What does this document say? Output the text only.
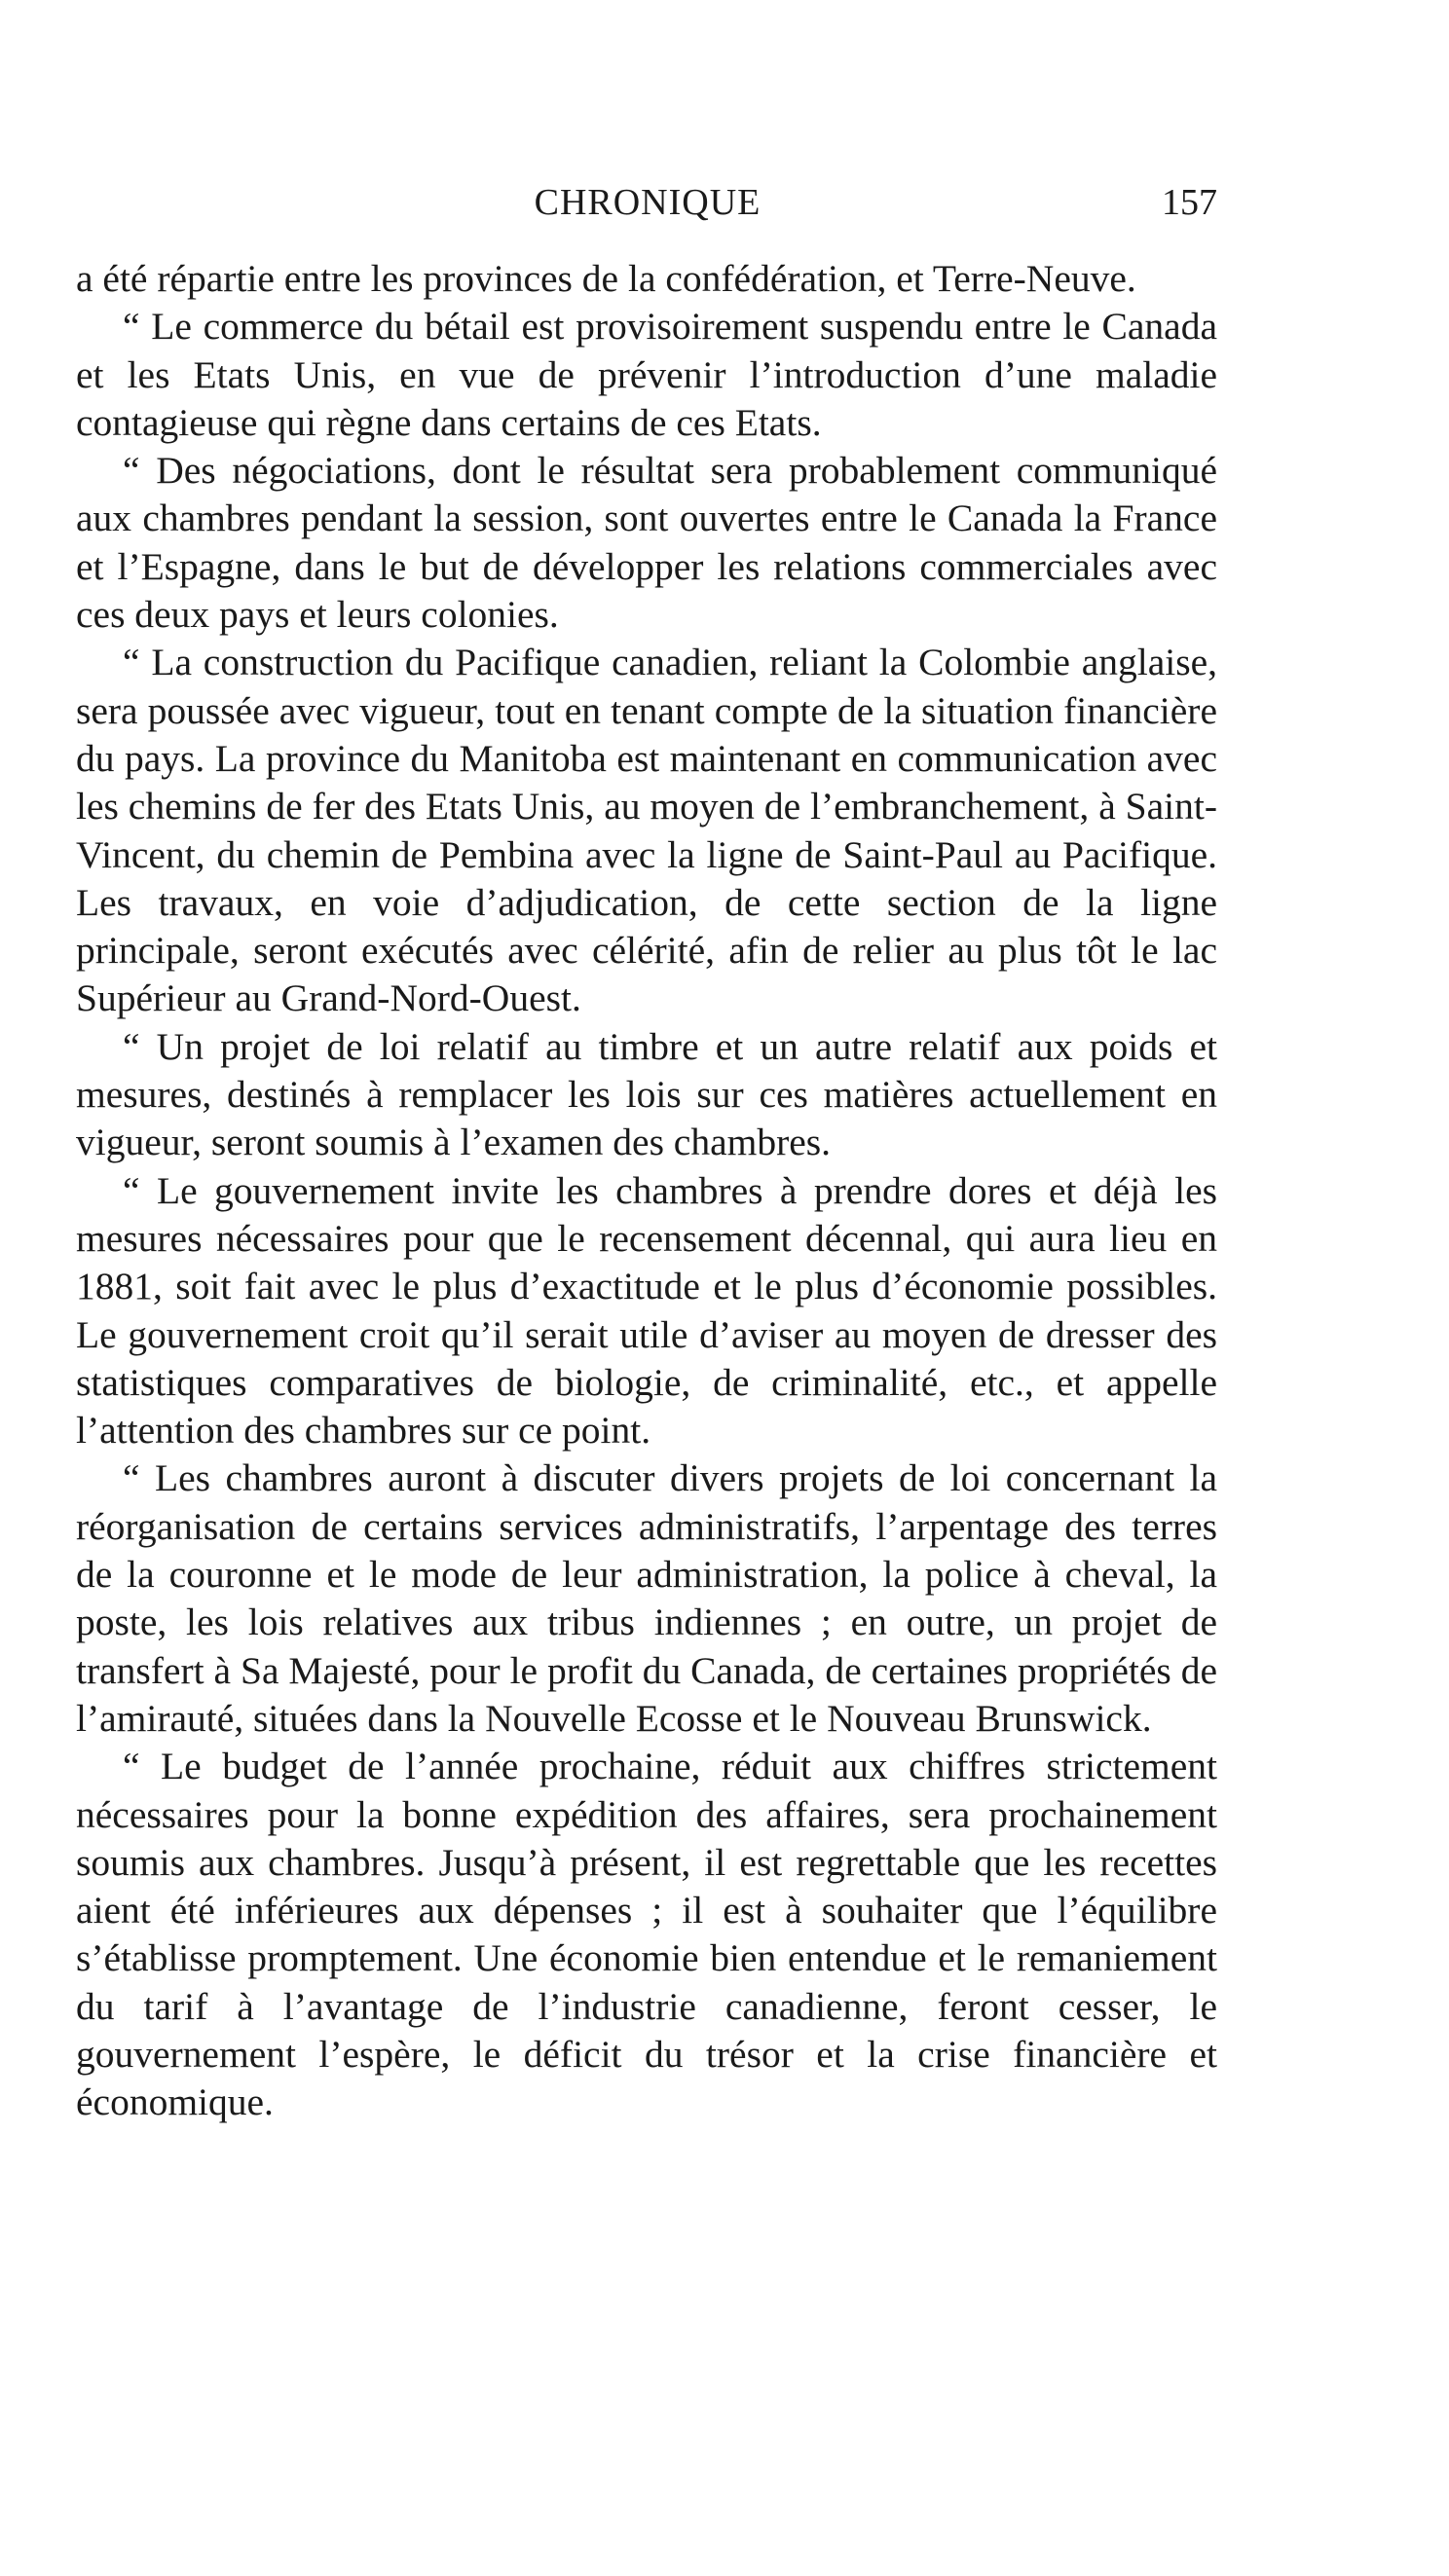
CHRONIQUE	157

a été répartie entre les provinces de la confédération, et Terre-Neuve.

“ Le commerce du bétail est provisoirement suspendu entre le Canada et les Etats Unis, en vue de prévenir l’introduction d’une maladie contagieuse qui règne dans certains de ces Etats.

“ Des négociations, dont le résultat sera probablement communiqué aux chambres pendant la session, sont ouvertes entre le Canada la France et l’Espagne, dans le but de développer les relations commerciales avec ces deux pays et leurs colonies.

“ La construction du Pacifique canadien, reliant la Colombie anglaise, sera poussée avec vigueur, tout en tenant compte de la situation financière du pays. La province du Manitoba est maintenant en communication avec les chemins de fer des Etats Unis, au moyen de l’embranchement, à Saint-Vincent, du chemin de Pembina avec la ligne de Saint-Paul au Pacifique. Les travaux, en voie d’adjudication, de cette section de la ligne principale, seront exécutés avec célérité, afin de relier au plus tôt le lac Supérieur au Grand-Nord-Ouest.

“ Un projet de loi relatif au timbre et un autre relatif aux poids et mesures, destinés à remplacer les lois sur ces matières actuellement en vigueur, seront soumis à l’examen des chambres.

“ Le gouvernement invite les chambres à prendre dores et déjà les mesures nécessaires pour que le recensement décennal, qui aura lieu en 1881, soit fait avec le plus d’exactitude et le plus d’économie possibles. Le gouvernement croit qu’il serait utile d’aviser au moyen de dresser des statistiques comparatives de biologie, de criminalité, etc., et appelle l’attention des chambres sur ce point.

“ Les chambres auront à discuter divers projets de loi concernant la réorganisation de certains services administratifs, l’arpentage des terres de la couronne et le mode de leur administration, la police à cheval, la poste, les lois relatives aux tribus indiennes ; en outre, un projet de transfert à Sa Majesté, pour le profit du Canada, de certaines propriétés de l’amirauté, situées dans la Nouvelle Ecosse et le Nouveau Brunswick.

“ Le budget de l’année prochaine, réduit aux chiffres strictement nécessaires pour la bonne expédition des affaires, sera prochainement soumis aux chambres. Jusqu’à présent, il est regrettable que les recettes aient été inférieures aux dépenses ; il est à souhaiter que l’équilibre s’établisse promptement. Une économie bien entendue et le remaniement du tarif à l’avantage de l’industrie canadienne, feront cesser, le gouvernement l’espère, le déficit du trésor et la crise financière et économique.
